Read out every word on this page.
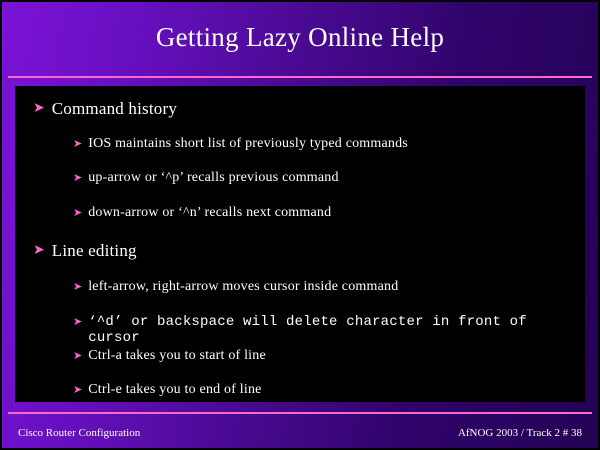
Getting Lazy Online Help
➤ Command history
➤ IOS maintains short list of previously typed commands
➤ up-arrow or ‘^p’ recalls previous command
➤ down-arrow or ‘^n’ recalls next command
➤ Line editing
➤ left-arrow, right-arrow moves cursor inside command
➤ ‘^d’ or backspace will delete character in front of cursor
➤ Ctrl-a takes you to start of line
➤ Ctrl-e takes you to end of line
Cisco Router Configuration	AfNOG 2003 / Track 2 # 38
